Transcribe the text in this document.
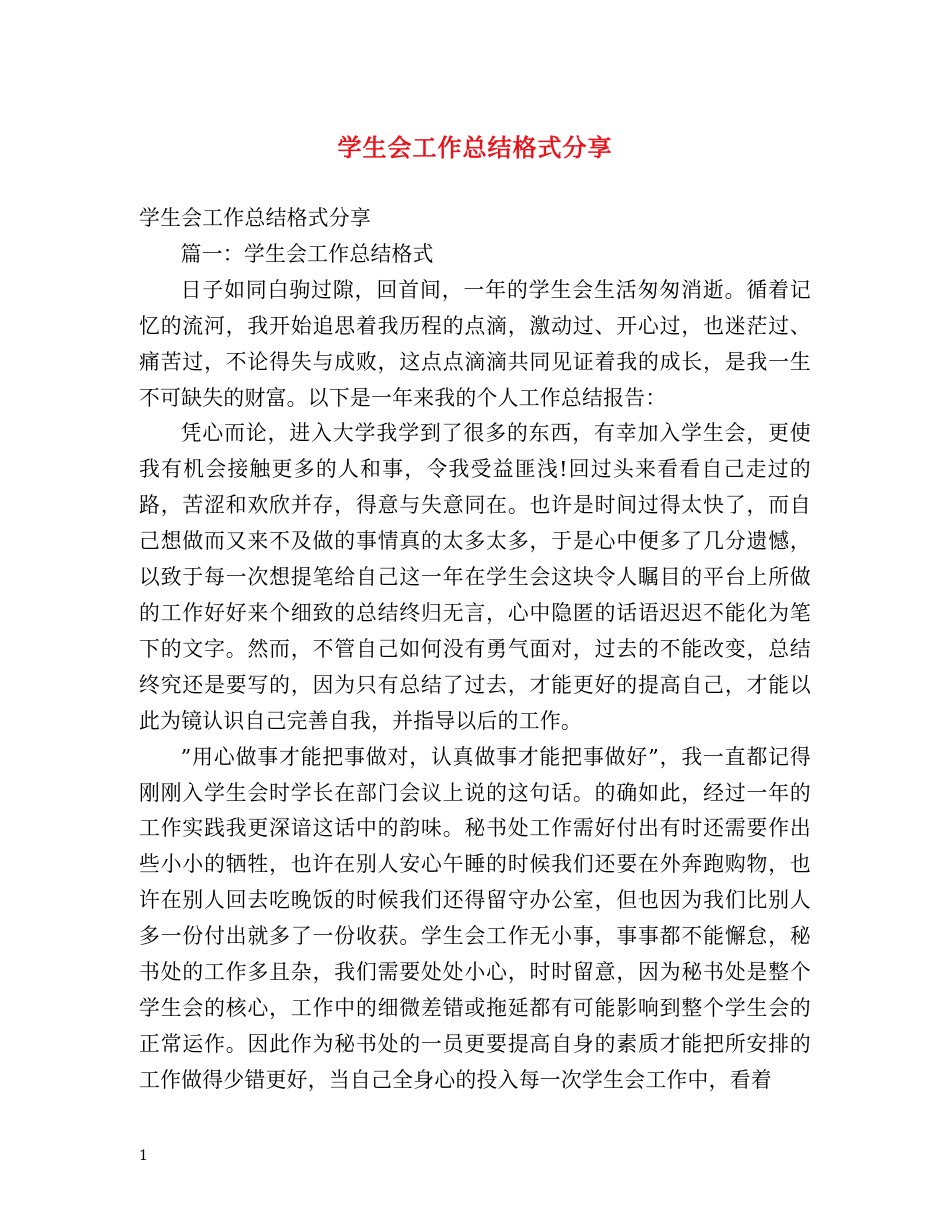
学生会工作总结格式分享

学生会工作总结格式分享

篇一：学生会工作总结格式

日子如同白驹过隙，回首间，一年的学生会生活匆匆消逝。循着记忆的流河，我开始追思着我历程的点滴，激动过、开心过，也迷茫过、痛苦过，不论得失与成败，这点点滴滴共同见证着我的成长，是我一生不可缺失的财富。以下是一年来我的个人工作总结报告：

凭心而论，进入大学我学到了很多的东西，有幸加入学生会，更使我有机会接触更多的人和事，令我受益匪浅!回过头来看看自己走过的路，苦涩和欢欣并存，得意与失意同在。也许是时间过得太快了，而自己想做而又来不及做的事情真的太多太多，于是心中便多了几分遗憾，以致于每一次想提笔给自己这一年在学生会这块令人瞩目的平台上所做的工作好好来个细致的总结终归无言，心中隐匿的话语迟迟不能化为笔下的文字。然而，不管自己如何没有勇气面对，过去的不能改变，总结终究还是要写的，因为只有总结了过去，才能更好的提高自己，才能以此为镜认识自己完善自我，并指导以后的工作。

”用心做事才能把事做对，认真做事才能把事做好”，我一直都记得刚刚入学生会时学长在部门会议上说的这句话。的确如此，经过一年的工作实践我更深谙这话中的韵味。秘书处工作需好付出有时还需要作出些小小的牺牲，也许在别人安心午睡的时候我们还要在外奔跑购物，也许在别人回去吃晚饭的时候我们还得留守办公室，但也因为我们比别人多一份付出就多了一份收获。学生会工作无小事，事事都不能懈怠，秘书处的工作多且杂，我们需要处处小心，时时留意，因为秘书处是整个学生会的核心，工作中的细微差错或拖延都有可能影响到整个学生会的正常运作。因此作为秘书处的一员更要提高自身的素质才能把所安排的工作做得少错更好，当自己全身心的投入每一次学生会工作中，看着

1
